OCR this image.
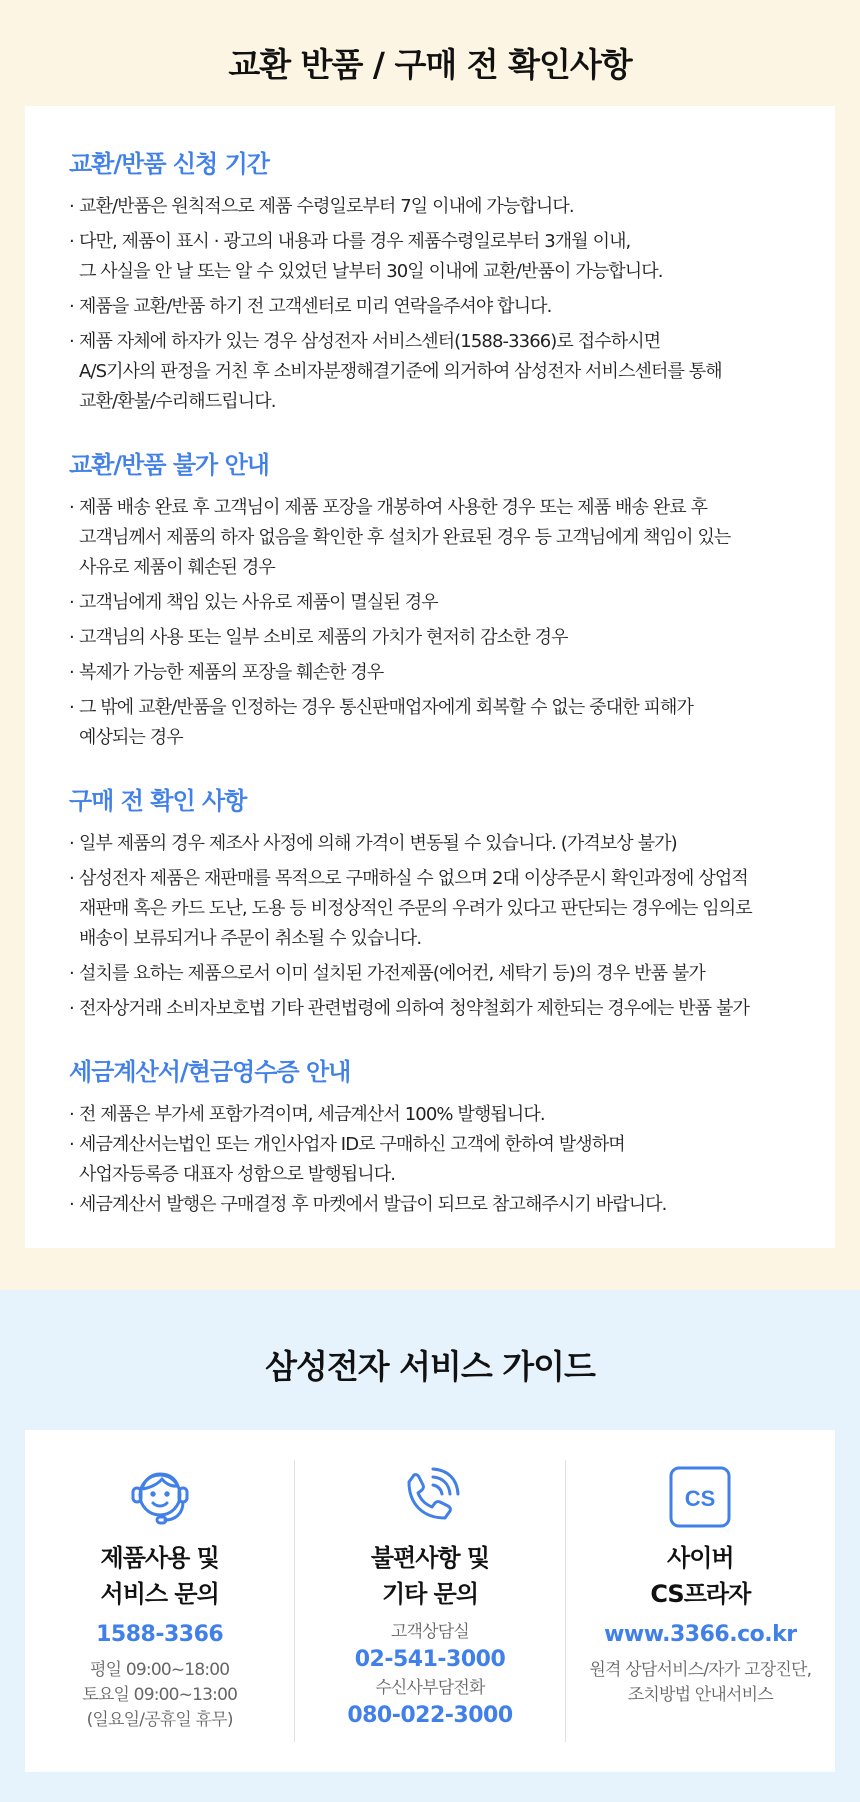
교환 반품 / 구매 전 확인사항
교환/반품 신청 기간
· 교환/반품은 원칙적으로 제품 수령일로부터 7일 이내에 가능합니다.
· 다만, 제품이 표시 · 광고의 내용과 다를 경우 제품수령일로부터 3개월 이내,
그 사실을 안 날 또는 알 수 있었던 날부터 30일 이내에 교환/반품이 가능합니다.
· 제품을 교환/반품 하기 전 고객센터로 미리 연락을주셔야 합니다.
· 제품 자체에 하자가 있는 경우 삼성전자 서비스센터(1588-3366)로 접수하시면
A/S기사의 판정을 거친 후 소비자분쟁해결기준에 의거하여 삼성전자 서비스센터를 통해
교환/환불/수리해드립니다.
교환/반품 불가 안내
· 제품 배송 완료 후 고객님이 제품 포장을 개봉하여 사용한 경우 또는 제품 배송 완료 후
고객님께서 제품의 하자 없음을 확인한 후 설치가 완료된 경우 등 고객님에게 책임이 있는
사유로 제품이 훼손된 경우
· 고객님에게 책임 있는 사유로 제품이 멸실된 경우
· 고객님의 사용 또는 일부 소비로 제품의 가치가 현저히 감소한 경우
· 복제가 가능한 제품의 포장을 훼손한 경우
· 그 밖에 교환/반품을 인정하는 경우 통신판매업자에게 회복할 수 없는 중대한 피해가
예상되는 경우
구매 전 확인 사항
· 일부 제품의 경우 제조사 사정에 의해 가격이 변동될 수 있습니다. (가격보상 불가)
· 삼성전자 제품은 재판매를 목적으로 구매하실 수 없으며 2대 이상주문시 확인과정에 상업적
재판매 혹은 카드 도난, 도용 등 비정상적인 주문의 우려가 있다고 판단되는 경우에는 임의로
배송이 보류되거나 주문이 취소될 수 있습니다.
· 설치를 요하는 제품으로서 이미 설치된 가전제품(에어컨, 세탁기 등)의 경우 반품 불가
· 전자상거래 소비자보호법 기타 관련법령에 의하여 청약철회가 제한되는 경우에는 반품 불가
세금계산서/현금영수증 안내
· 전 제품은 부가세 포함가격이며, 세금계산서 100% 발행됩니다.
· 세금계산서는법인 또는 개인사업자 ID로 구매하신 고객에 한하여 발생하며
사업자등록증 대표자 성함으로 발행됩니다.
· 세금계산서 발행은 구매결정 후 마켓에서 발급이 되므로 참고해주시기 바랍니다.
삼성전자 서비스 가이드
제품사용 및
서비스 문의
1588-3366
평일 09:00~18:00
토요일 09:00~13:00
(일요일/공휴일 휴무)
불편사항 및
기타 문의
고객상담실
02-541-3000
수신사부담전화
080-022-3000
CS
사이버
CS프라자
www.3366.co.kr
원격 상담서비스/자가 고장진단,
조치방법 안내서비스
